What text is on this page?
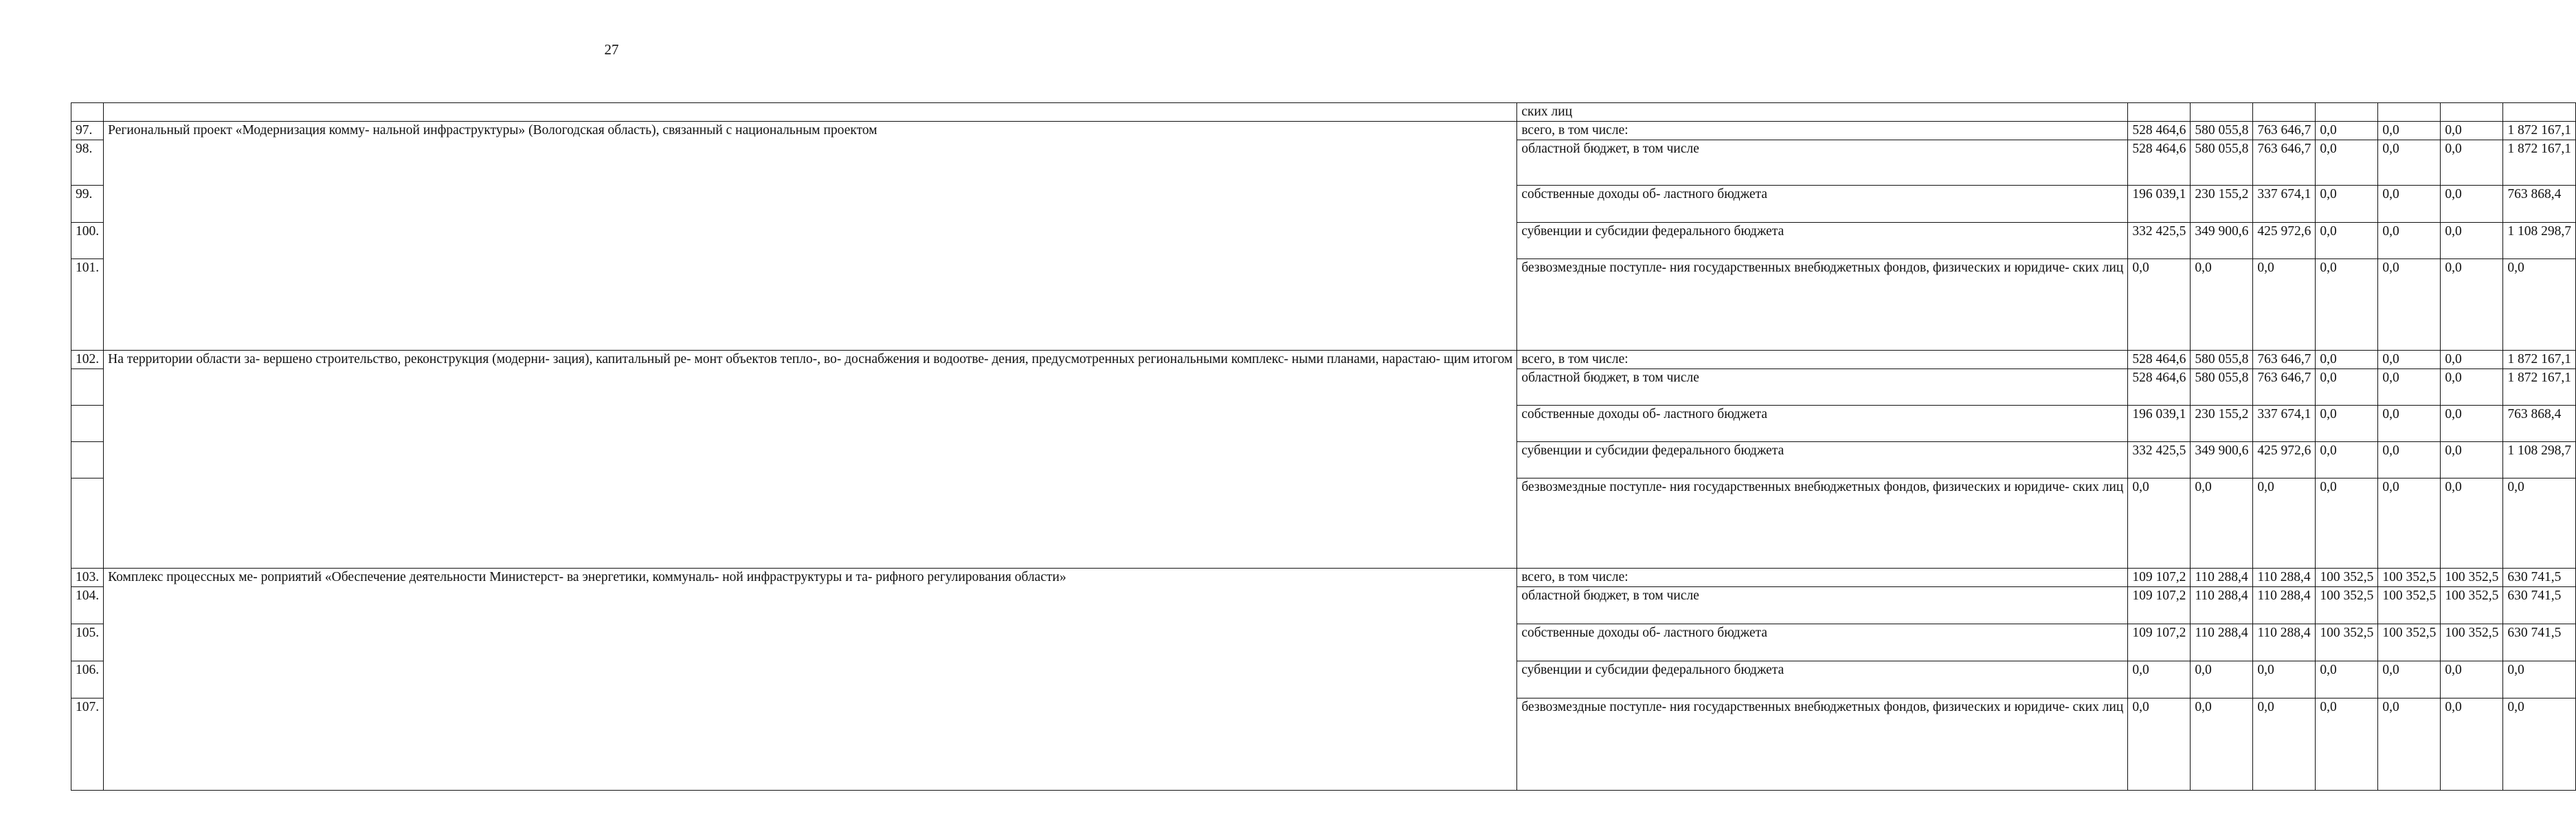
27
		ских лиц							
97.	Региональный проект «Модернизация комму- нальной инфраструктуры» (Вологодская область), связанный с национальным проектом	всего, в том числе:	528 464,6	580 055,8	763 646,7	0,0	0,0	0,0	1 872 167,1
98.		областной бюджет, в том числе	528 464,6	580 055,8	763 646,7	0,0	0,0	0,0	1 872 167,1
99.		собственные доходы об- ластного бюджета	196 039,1	230 155,2	337 674,1	0,0	0,0	0,0	763 868,4
100.		субвенции и субсидии федерального бюджета	332 425,5	349 900,6	425 972,6	0,0	0,0	0,0	1 108 298,7
101.		безвозмездные поступле- ния государственных внебюджетных фондов, физических и юридиче- ских лиц	0,0	0,0	0,0	0,0	0,0	0,0	0,0
102.	На территории области за- вершено строительство, реконструкция (модерни- зация), капитальный ре- монт объектов тепло-, во- доснабжения и водоотве- дения, предусмотренных региональными комплекс- ными планами, нарастаю- щим итогом	всего, в том числе:	528 464,6	580 055,8	763 646,7	0,0	0,0	0,0	1 872 167,1
		областной бюджет, в том числе	528 464,6	580 055,8	763 646,7	0,0	0,0	0,0	1 872 167,1
		собственные доходы об- ластного бюджета	196 039,1	230 155,2	337 674,1	0,0	0,0	0,0	763 868,4
		субвенции и субсидии федерального бюджета	332 425,5	349 900,6	425 972,6	0,0	0,0	0,0	1 108 298,7
		безвозмездные поступле- ния государственных внебюджетных фондов, физических и юридиче- ских лиц	0,0	0,0	0,0	0,0	0,0	0,0	0,0
103.	Комплекс процессных ме- роприятий «Обеспечение деятельности Министерст- ва энергетики, коммуналь- ной инфраструктуры и та- рифного регулирования области»	всего, в том числе:	109 107,2	110 288,4	110 288,4	100 352,5	100 352,5	100 352,5	630 741,5
104.		областной бюджет, в том числе	109 107,2	110 288,4	110 288,4	100 352,5	100 352,5	100 352,5	630 741,5
105.		собственные доходы об- ластного бюджета	109 107,2	110 288,4	110 288,4	100 352,5	100 352,5	100 352,5	630 741,5
106.		субвенции и субсидии федерального бюджета	0,0	0,0	0,0	0,0	0,0	0,0	0,0
107.		безвозмездные поступле- ния государственных внебюджетных фондов, физических и юридиче- ских лиц	0,0	0,0	0,0	0,0	0,0	0,0	0,0
